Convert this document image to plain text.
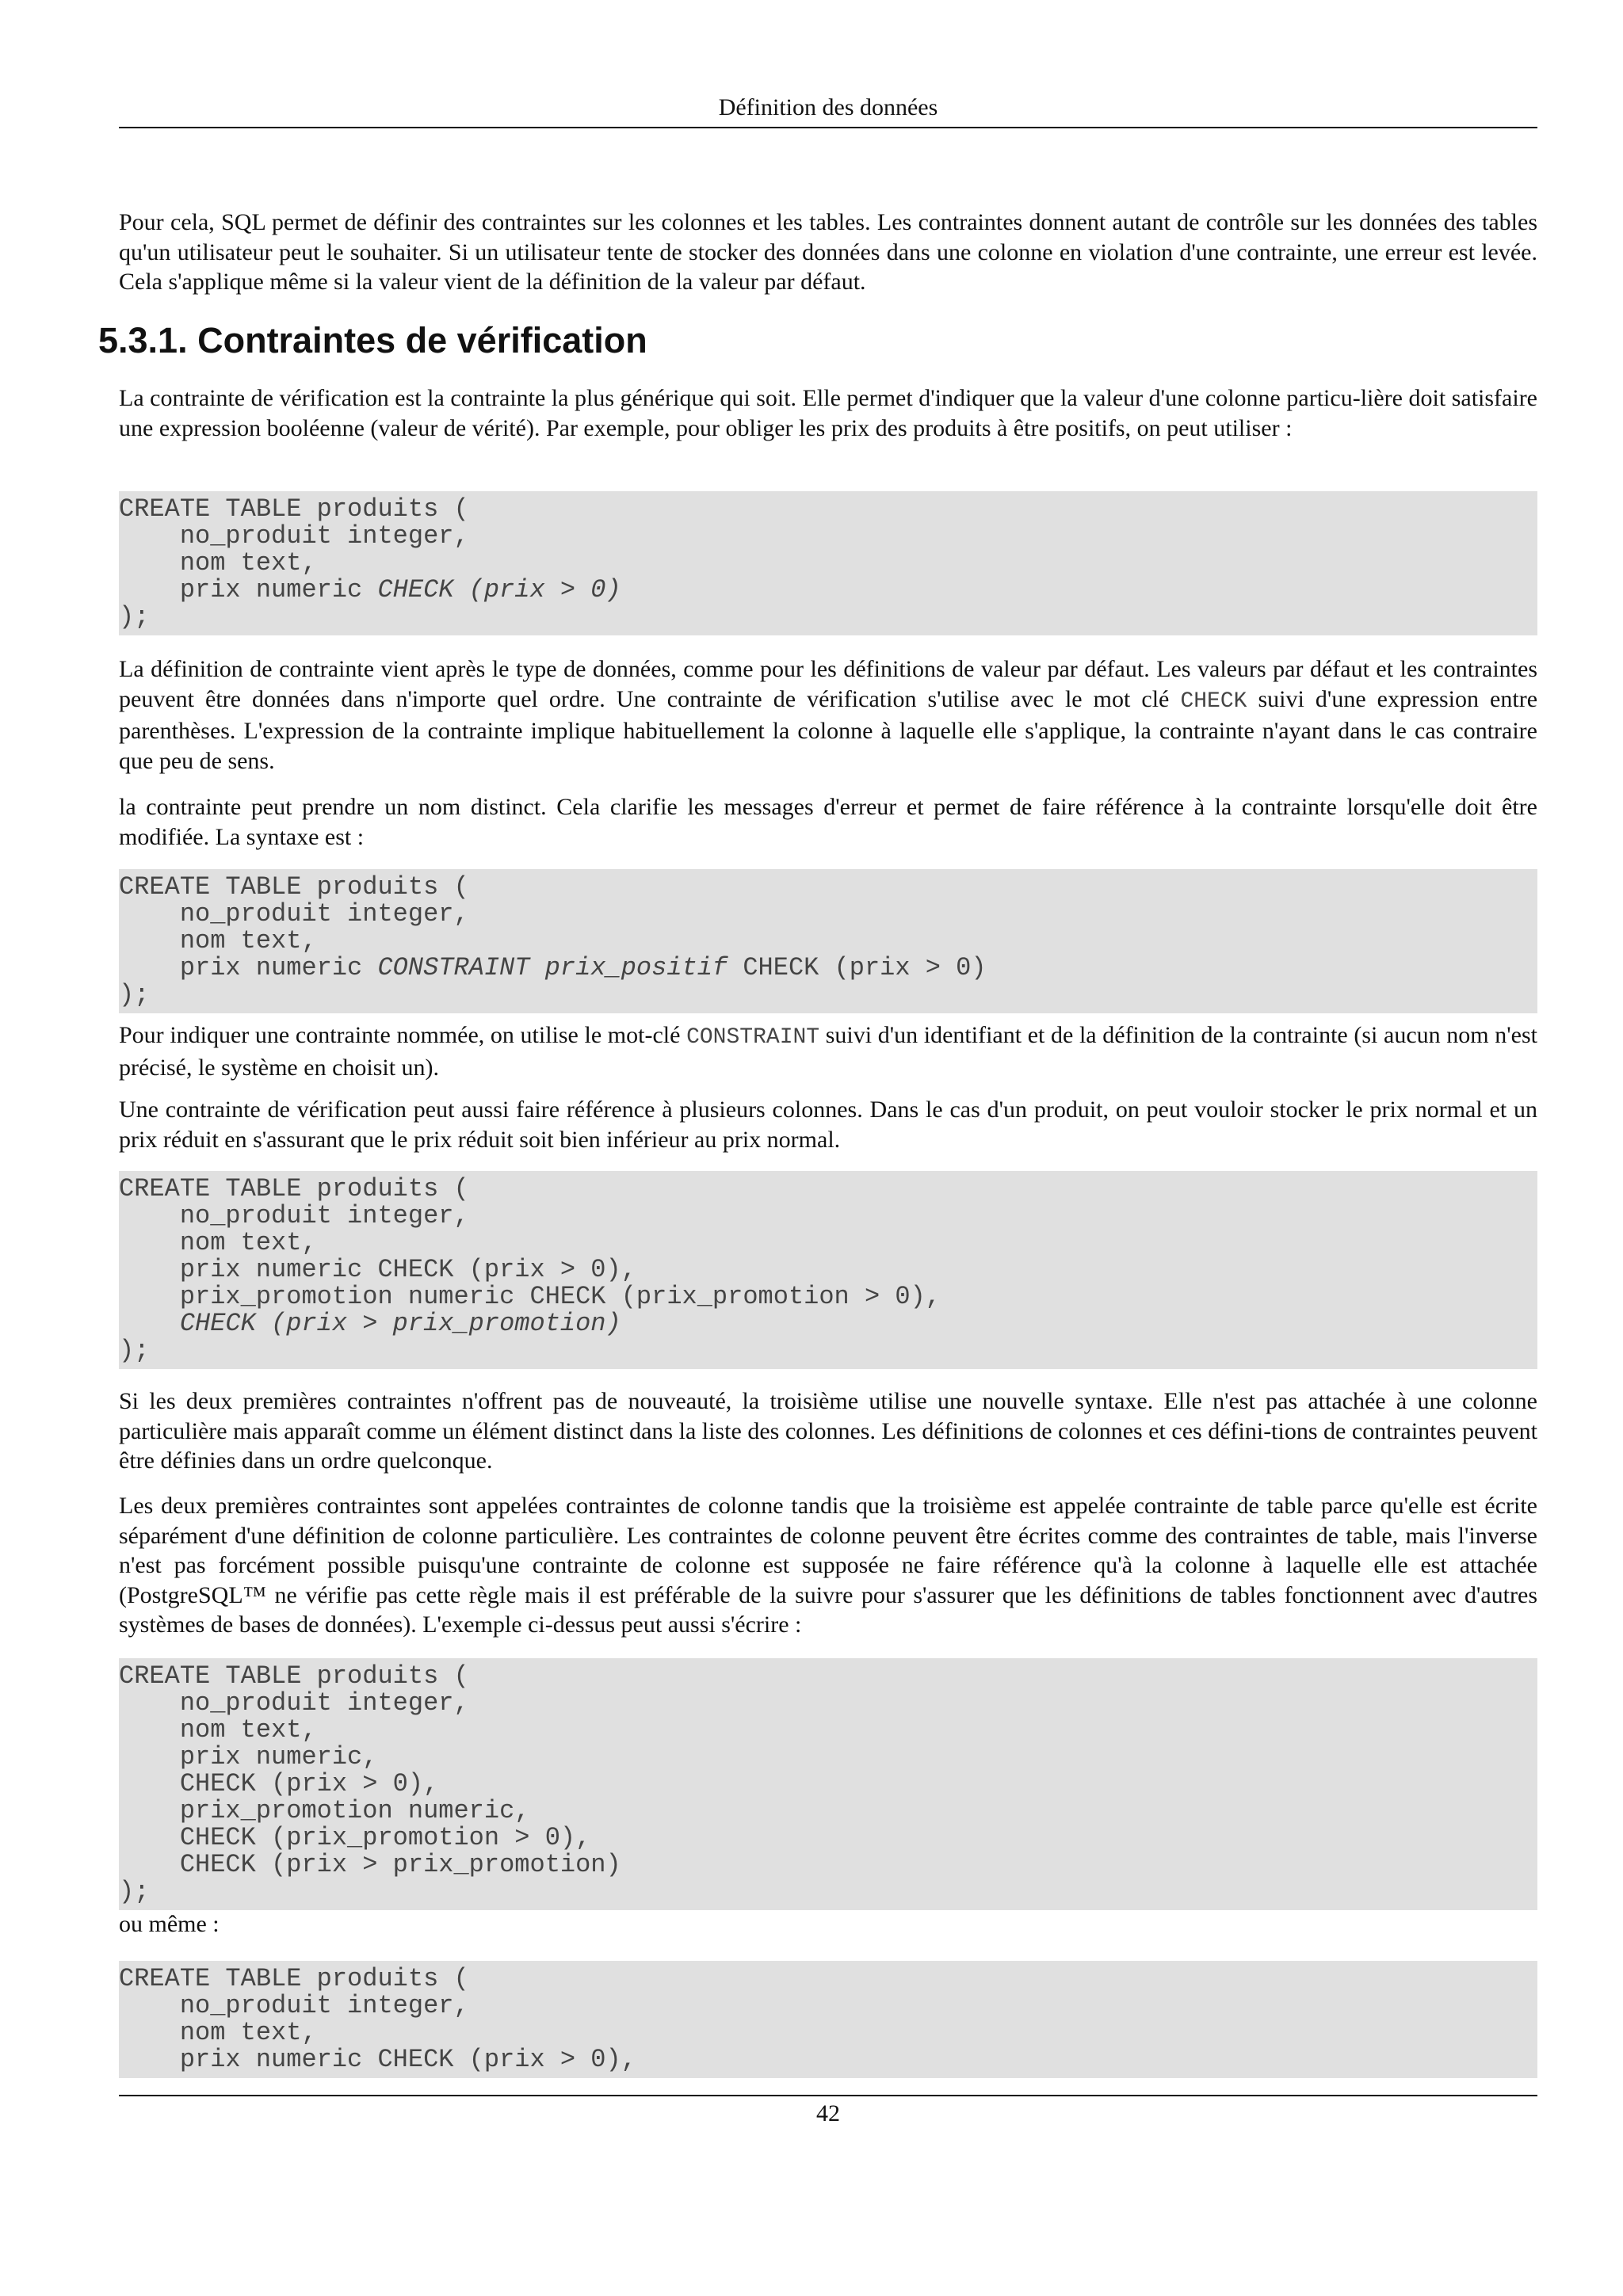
Définition des données

Pour cela, SQL permet de définir des contraintes sur les colonnes et les tables. Les contraintes donnent autant de contrôle sur les données des tables qu'un utilisateur peut le souhaiter. Si un utilisateur tente de stocker des données dans une colonne en violation d'une contrainte, une erreur est levée. Cela s'applique même si la valeur vient de la définition de la valeur par défaut.

5.3.1. Contraintes de vérification

La contrainte de vérification est la contrainte la plus générique qui soit. Elle permet d'indiquer que la valeur d'une colonne particu-lière doit satisfaire une expression booléenne (valeur de vérité). Par exemple, pour obliger les prix des produits à être positifs, on peut utiliser :

CREATE TABLE produits (
no_produit integer,
nom text,
prix numeric CHECK (prix > 0)
);

La définition de contrainte vient après le type de données, comme pour les définitions de valeur par défaut. Les valeurs par défaut et les contraintes peuvent être données dans n'importe quel ordre. Une contrainte de vérification s'utilise avec le mot clé CHECK suivi d'une expression entre parenthèses. L'expression de la contrainte implique habituellement la colonne à laquelle elle s'applique, la contrainte n'ayant dans le cas contraire que peu de sens.

la contrainte peut prendre un nom distinct. Cela clarifie les messages d'erreur et permet de faire référence à la contrainte lorsqu'elle doit être modifiée. La syntaxe est :

CREATE TABLE produits (
no_produit integer,
nom text,
prix numeric CONSTRAINT prix_positif CHECK (prix > 0)
);

Pour indiquer une contrainte nommée, on utilise le mot-clé CONSTRAINT suivi d'un identifiant et de la définition de la contrainte (si aucun nom n'est précisé, le système en choisit un).

Une contrainte de vérification peut aussi faire référence à plusieurs colonnes. Dans le cas d'un produit, on peut vouloir stocker le prix normal et un prix réduit en s'assurant que le prix réduit soit bien inférieur au prix normal.

CREATE TABLE produits (
no_produit integer,
nom text,
prix numeric CHECK (prix > 0),
prix_promotion numeric CHECK (prix_promotion > 0),
CHECK (prix > prix_promotion)
);

Si les deux premières contraintes n'offrent pas de nouveauté, la troisième utilise une nouvelle syntaxe. Elle n'est pas attachée à une colonne particulière mais apparaît comme un élément distinct dans la liste des colonnes. Les définitions de colonnes et ces défini-tions de contraintes peuvent être définies dans un ordre quelconque.

Les deux premières contraintes sont appelées contraintes de colonne tandis que la troisième est appelée contrainte de table parce qu'elle est écrite séparément d'une définition de colonne particulière. Les contraintes de colonne peuvent être écrites comme des contraintes de table, mais l'inverse n'est pas forcément possible puisqu'une contrainte de colonne est supposée ne faire référence qu'à la colonne à laquelle elle est attachée (PostgreSQL™ ne vérifie pas cette règle mais il est préférable de la suivre pour s'assurer que les définitions de tables fonctionnent avec d'autres systèmes de bases de données). L'exemple ci-dessus peut aussi s'écrire :

CREATE TABLE produits (
no_produit integer,
nom text,
prix numeric,
CHECK (prix > 0),
prix_promotion numeric,
CHECK (prix_promotion > 0),
CHECK (prix > prix_promotion)
);

ou même :

CREATE TABLE produits (
no_produit integer,
nom text,
prix numeric CHECK (prix > 0),
42
